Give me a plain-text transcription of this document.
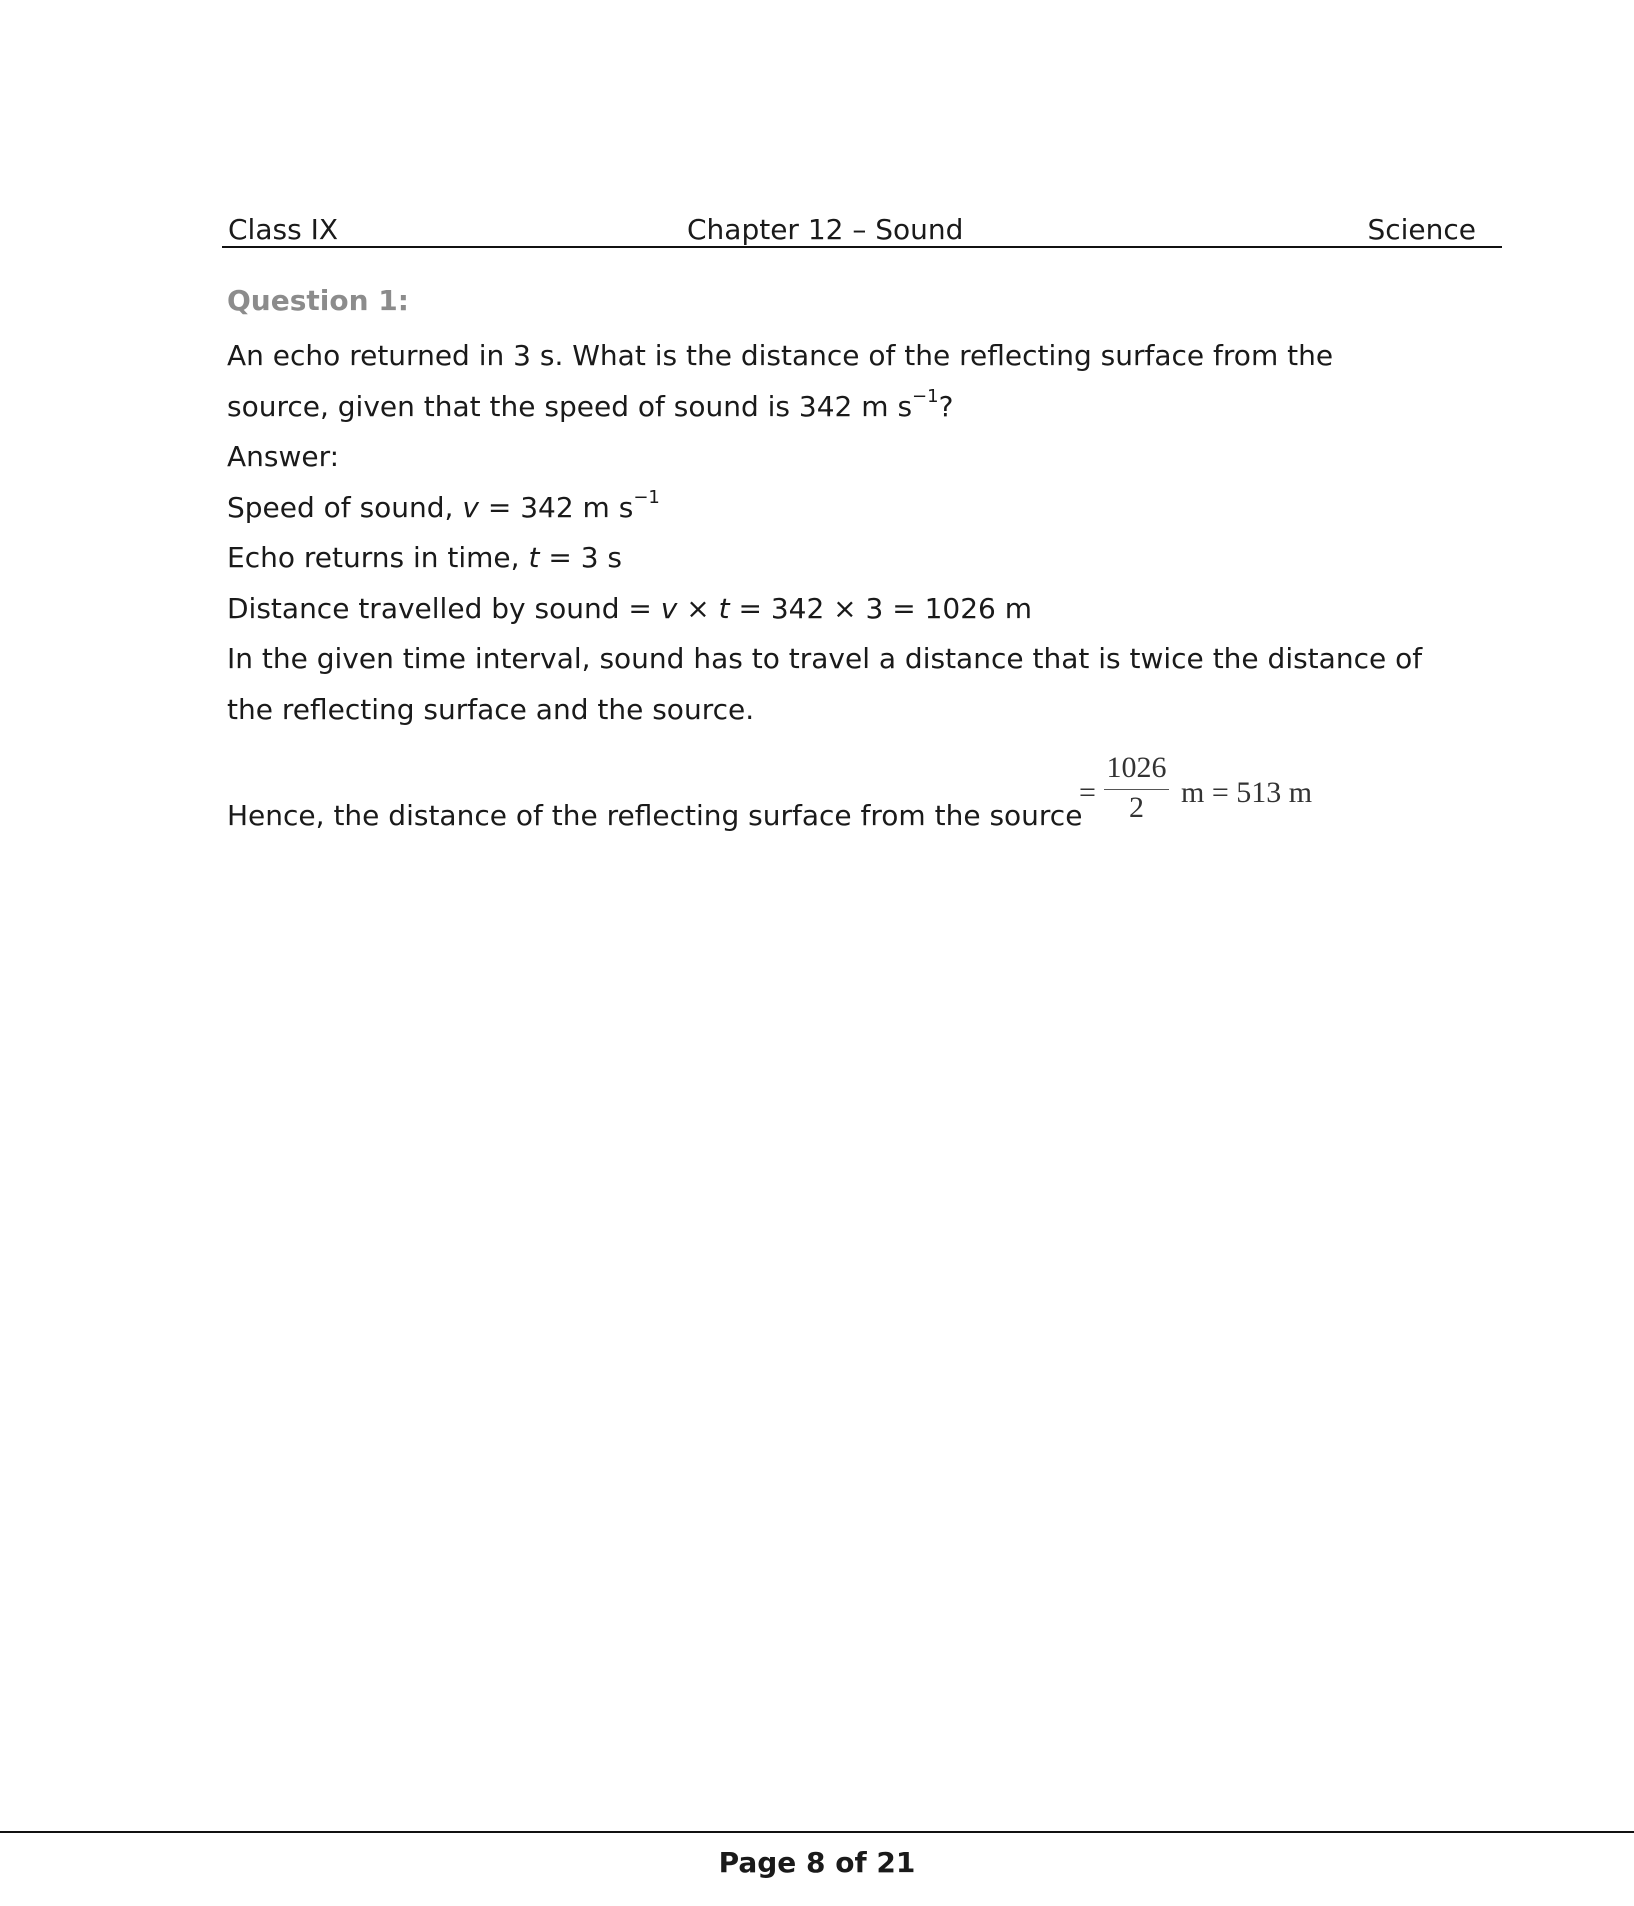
Class IX	Chapter 12 – Sound	Science

Question 1:

An echo returned in 3 s. What is the distance of the reflecting surface from the

source, given that the speed of sound is 342 m $s^{-1}$?

Answer:

Speed of sound, v = 342 m $s^{-1}$

Echo returns in time, t = 3 s

Distance travelled by sound = v × t = 342 × 3 = 1026 m

In the given time interval, sound has to travel a distance that is twice the distance of

the reflecting surface and the source.

Hence, the distance of the reflecting surface from the source
= $\frac{1026}{2}$ m = 513 m
Page 8 of 21
